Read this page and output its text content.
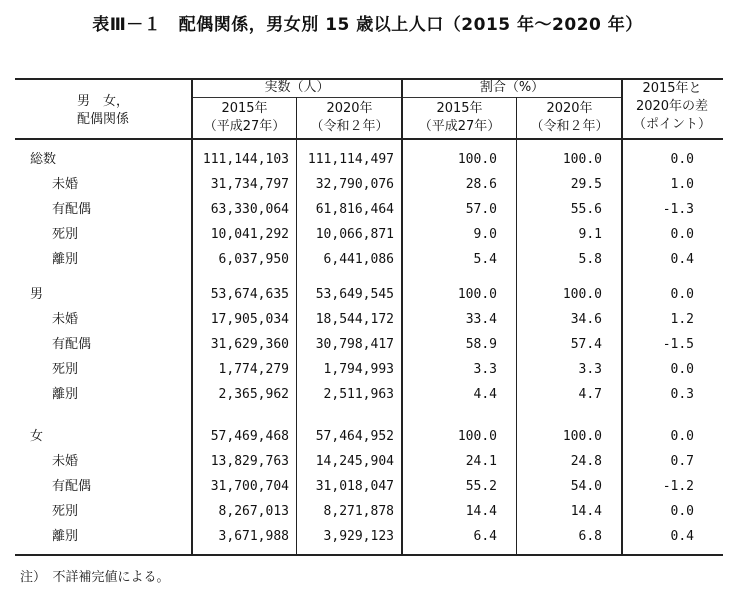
表Ⅲ－１　配偶関係，男女別 15 歳以上人口（2015 年～2020 年）
男　女，
配偶関係
実数（人）	割合（%）	2015年と
2020年の差
（ポイント）
2015年
（平成27年）
2020年
（令和２年）
2015年
（平成27年）
2020年
（令和２年）
総数	111,144,103	111,114,497	100.0	100.0	0.0
未婚	31,734,797	32,790,076	28.6	29.5	1.0
有配偶	63,330,064	61,816,464	57.0	55.6	-1.3
死別	10,041,292	10,066,871	9.0	9.1	0.0
離別	6,037,950	6,441,086	5.4	5.8	0.4
男	53,674,635	53,649,545	100.0	100.0	0.0
未婚	17,905,034	18,544,172	33.4	34.6	1.2
有配偶	31,629,360	30,798,417	58.9	57.4	-1.5
死別	1,774,279	1,794,993	3.3	3.3	0.0
離別	2,365,962	2,511,963	4.4	4.7	0.3
女	57,469,468	57,464,952	100.0	100.0	0.0
未婚	13,829,763	14,245,904	24.1	24.8	0.7
有配偶	31,700,704	31,018,047	55.2	54.0	-1.2
死別	8,267,013	8,271,878	14.4	14.4	0.0
離別	3,671,988	3,929,123	6.4	6.8	0.4
注）　不詳補完値による。
